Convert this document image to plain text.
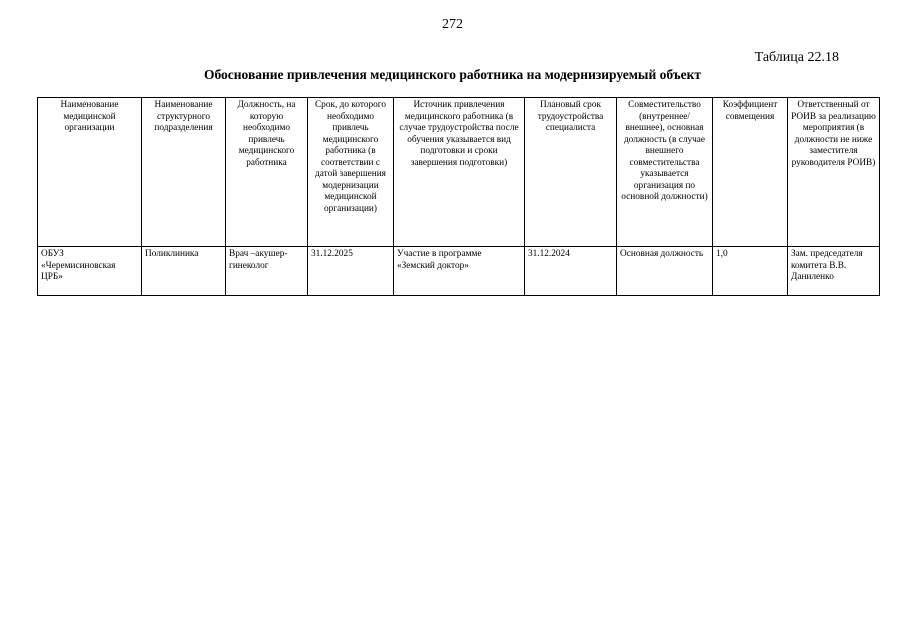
272
Таблица 22.18
Обоснование привлечения медицинского работника на модернизируемый объект
Наименование медицинской организации	Наименование структурного подразделения	Должность, на которую необходимо привлечь медицинского работника	Срок, до которого необходимо привлечь медицинского работника (в соответствии с датой завершения модернизации медицинской организации)	Источник привлечения медицинского работника (в случае трудоустройства после обучения указывается вид подготовки и сроки завершения подготовки)	Плановый срок трудоустройства специалиста	Совместительство (внутреннее/внешнее), основная должность (в случае внешнего совместительства указывается организация по основной должности)	Коэффициент совмещения	Ответственный от РОИВ за реализацию мероприятия (в должности не ниже заместителя руководителя РОИВ)
ОБУЗ «Черемисиновская ЦРБ»	Поликлиника	Врач –акушер-гинеколог	31.12.2025	Участие в программе «Земский доктор»	31.12.2024	Основная должность	1,0	Зам. председателя комитета В.В. Даниленко
